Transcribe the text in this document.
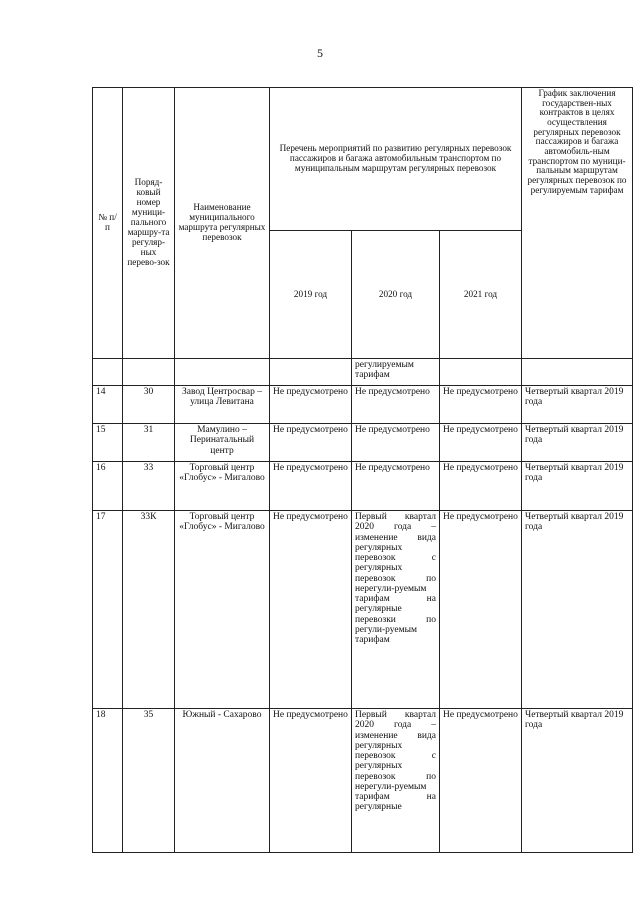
5
№ п/п	Поряд-ковый номер муници-пального маршру-та регуляр-ных перево-зок	Наименование муниципального маршрута регулярных перевозок	Перечень мероприятий по развитию регулярных перевозок пассажиров и багажа автомобильным транспортом по муниципальным маршрутам регулярных перевозок			График заключения государствен-ных контрактов в целях осуществления регулярных перевозок пассажиров и багажа автомобиль-ным транспортом по муници-пальным маршрутам регулярных перевозок по регулируемым тарифам
			2019 год	2020 год	2021 год	
				регулируемым тарифам		
14	30	Завод Центросвар – улица Левитана	Не предусмотрено	Не предусмотрено	Не предусмотрено	Четвертый квартал 2019 года
15	31	Мамулино – Перинатальный центр	Не предусмотрено	Не предусмотрено	Не предусмотрено	Четвертый квартал 2019 года
16	33	Торговый центр «Глобус» - Мигалово	Не предусмотрено	Не предусмотрено	Не предусмотрено	Четвертый квартал 2019 года
17	33К	Торговый центр «Глобус» - Мигалово	Не предусмотрено	Первый квартал 2020 года – изменение вида регулярных перевозок с регулярных перевозок по нерегули-руемым тарифам на регулярные перевозки по регули-руемым тарифам	Не предусмотрено	Четвертый квартал 2019 года
18	35	Южный - Сахарово	Не предусмотрено	Первый квартал 2020 года – изменение вида регулярных перевозок с регулярных перевозок по нерегули-руемым тарифам на регулярные	Не предусмотрено	Четвертый квартал 2019 года
